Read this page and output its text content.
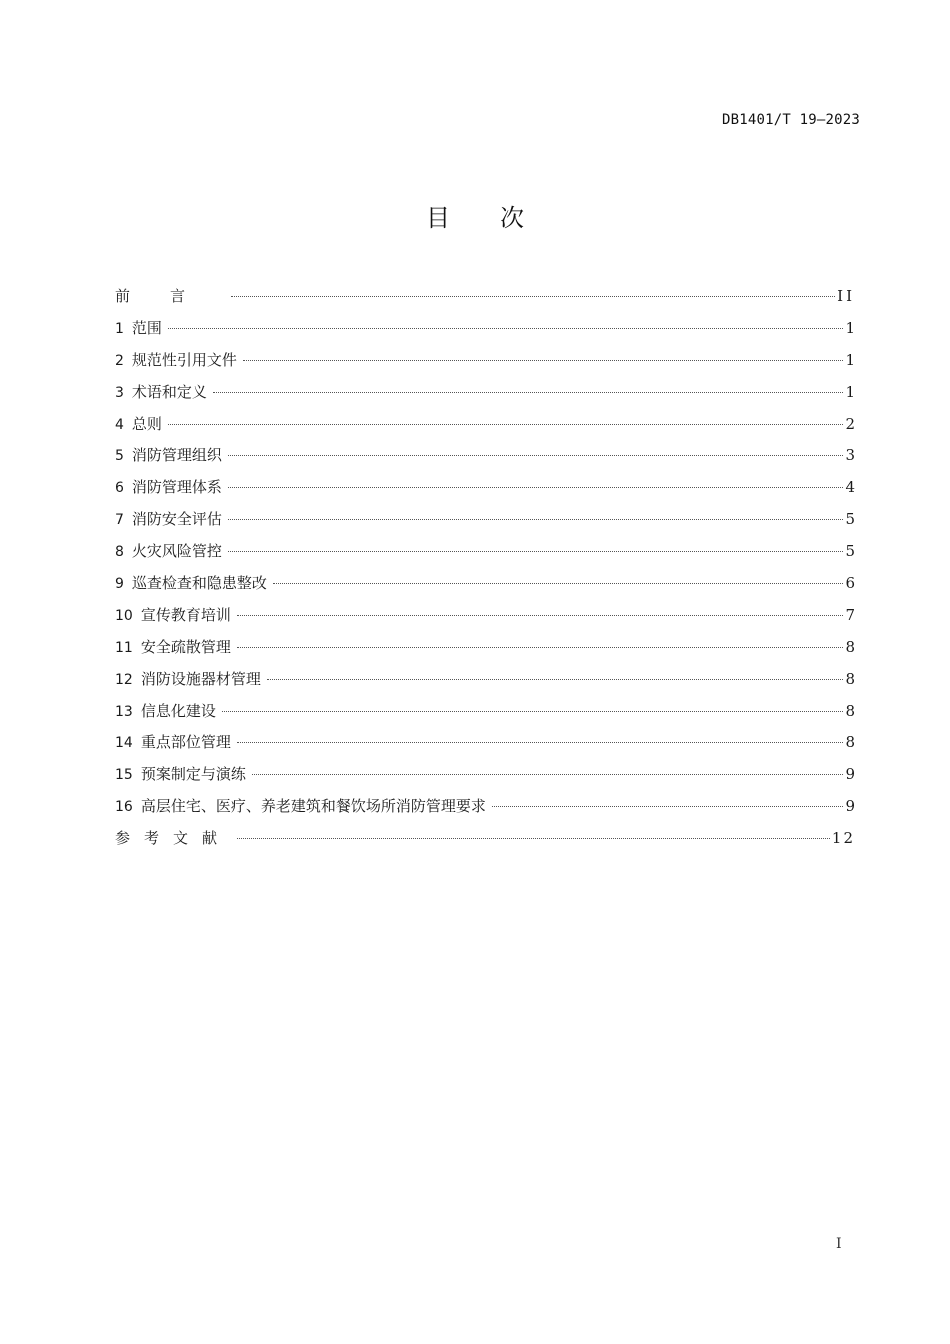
DB1401/T 19—2023
目 次
前言	II
1 范围	1
2 规范性引用文件	1
3 术语和定义	1
4 总则	2
5 消防管理组织	3
6 消防管理体系	4
7 消防安全评估	5
8 火灾风险管控	5
9 巡查检查和隐患整改	6
10 宣传教育培训	7
11 安全疏散管理	8
12 消防设施器材管理	8
13 信息化建设	8
14 重点部位管理	8
15 预案制定与演练	9
16 高层住宅、医疗、养老建筑和餐饮场所消防管理要求	9
参考文献	12
I
